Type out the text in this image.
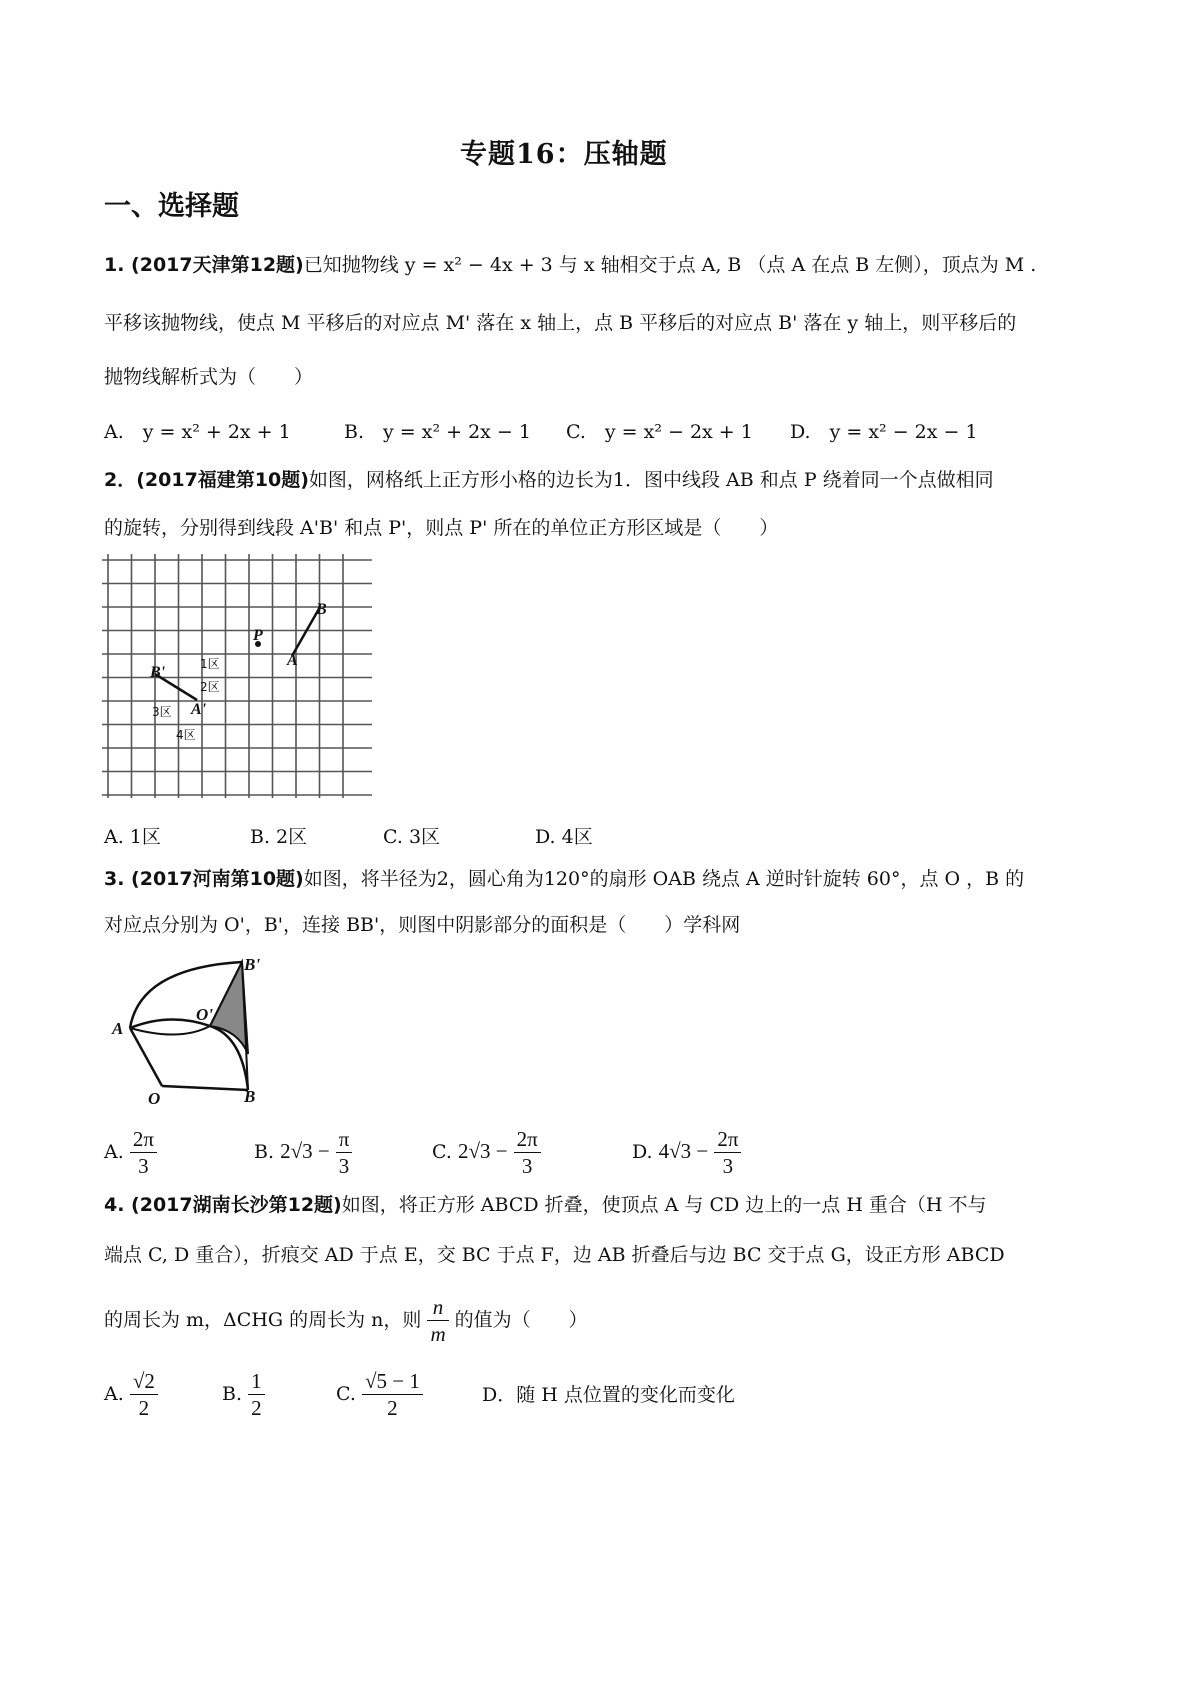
专题16：压轴题
一、选择题
1. (2017天津第12题)已知抛物线 y = x² − 4x + 3 与 x 轴相交于点 A, B （点 A 在点 B 左侧），顶点为 M .
平移该抛物线，使点 M 平移后的对应点 M' 落在 x 轴上，点 B 平移后的对应点 B' 落在 y 轴上，则平移后的
抛物线解析式为（　　）
A.　y = x² + 2x + 1	B.　y = x² + 2x − 1 C.　y = x² − 2x + 1 D.　y = x² − 2x − 1
2．(2017福建第10题)如图，网格纸上正方形小格的边长为1．图中线段 AB 和点 P 绕着同一个点做相同
的旋转，分别得到线段 A'B' 和点 P'，则点 P' 所在的单位正方形区域是（　　）
B
P
A
B'
A'
1区
2区
3区
4区
A. 1区	B. 2区	C. 3区	D. 4区
3. (2017河南第10题)如图，将半径为2，圆心角为120°的扇形 OAB 绕点 A 逆时针旋转 60°，点 O ，B 的
对应点分别为 O'，B'，连接 BB'，则图中阴影部分的面积是（　　）学科网
B'
O'
A
O	B
A. $\frac{2\pi}{3}$	B. $2√3 - \frac{\pi}{3}$	C. $2√3 - \frac{2\pi}{3}$	D. $4√3 - \frac{2\pi}{3}$
4. (2017湖南长沙第12题)如图，将正方形 ABCD 折叠，使顶点 A 与 CD 边上的一点 H 重合（H 不与
端点 C, D 重合），折痕交 AD 于点 E，交 BC 于点 F，边 AB 折叠后与边 BC 交于点 G，设正方形 ABCD
的周长为 m，ΔCHG 的周长为 n，则 $\frac{n}{m}$ 的值为（　　）
A. $\frac{√2}{2}$	B. $\frac{1}{2}$	C. $\frac{√5 - 1}{2}$	D．随 H 点位置的变化而变化
